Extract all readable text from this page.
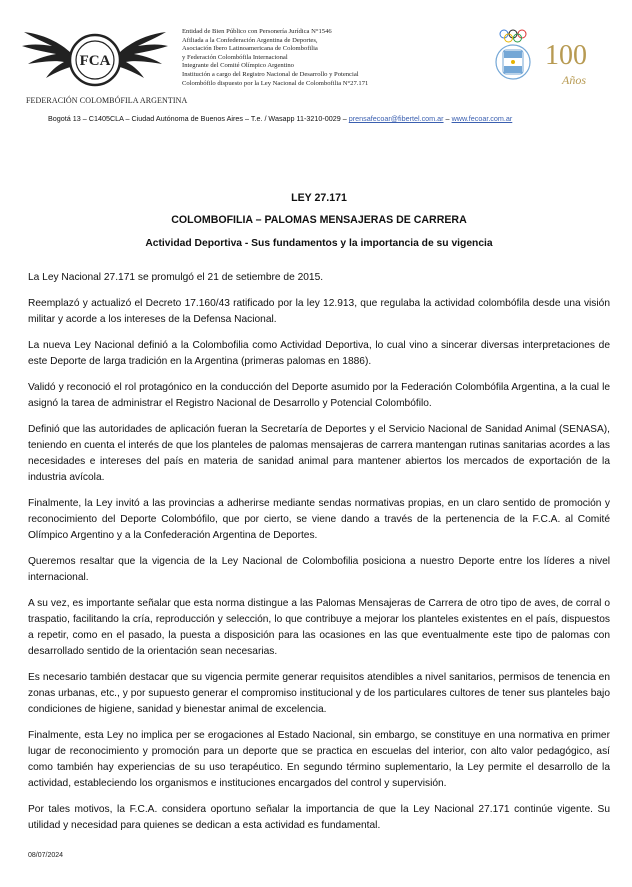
FCA
FEDERACIÓN COLOMBÓFILA ARGENTINA
Entidad de Bien Público con Personería Jurídica N°1546
Afiliada a la Confederación Argentina de Deportes,
Asociación Ibero Latinoamericana de Colombofilia
y Federación Colombófila Internacional
Integrante del Comité Olímpico Argentino
Institución a cargo del Registro Nacional de Desarrollo y Potencial
Colombófilo dispuesto por la Ley Nacional de Colombofilia N°27.171
100
Años
Bogotá 13 – C1405CLA – Ciudad Autónoma de Buenos Aires – T.e. / Wasapp 11-3210-0029 – prensafecoar@fibertel.com.ar – www.fecoar.com.ar

LEY 27.171

COLOMBOFILIA – PALOMAS MENSAJERAS DE CARRERA

Actividad Deportiva - Sus fundamentos y la importancia de su vigencia

La Ley Nacional 27.171 se promulgó el 21 de setiembre de 2015.

Reemplazó y actualizó el Decreto 17.160/43 ratificado por la ley 12.913, que regulaba la actividad colombófila desde una visión militar y acorde a los intereses de la Defensa Nacional.

La nueva Ley Nacional definió a la Colombofilia como Actividad Deportiva, lo cual vino a sincerar diversas interpretaciones de este Deporte de larga tradición en la Argentina (primeras palomas en 1886).

Validó y reconoció el rol protagónico en la conducción del Deporte asumido por la Federación Colombófila Argentina, a la cual le asignó la tarea de administrar el Registro Nacional de Desarrollo y Potencial Colombófilo.

Definió que las autoridades de aplicación fueran la Secretaría de Deportes y el Servicio Nacional de Sanidad Animal (SENASA), teniendo en cuenta el interés de que los planteles de palomas mensajeras de carrera mantengan rutinas sanitarias acordes a las necesidades e intereses del país en materia de sanidad animal para mantener abiertos los mercados de exportación de la industria avícola.

Finalmente, la Ley invitó a las provincias a adherirse mediante sendas normativas propias, en un claro sentido de promoción y reconocimiento del Deporte Colombófilo, que por cierto, se viene dando a través de la pertenencia de la F.C.A. al Comité Olímpico Argentino y a la Confederación Argentina de Deportes.

Queremos resaltar que la vigencia de la Ley Nacional de Colombofilia posiciona a nuestro Deporte entre los líderes a nivel internacional.

A su vez, es importante señalar que esta norma distingue a las Palomas Mensajeras de Carrera de otro tipo de aves, de corral o traspatio, facilitando la cría, reproducción y selección, lo que contribuye a mejorar los planteles existentes en el país, dispuestos a repetir, como en el pasado, la puesta a disposición para las ocasiones en las que eventualmente este tipo de palomas con desarrollado sentido de la orientación sean necesarias.

Es necesario también destacar que su vigencia permite generar requisitos atendibles a nivel sanitarios, permisos de tenencia en zonas urbanas, etc., y por supuesto generar el compromiso institucional y de los particulares cultores de tener sus planteles bajo condiciones de higiene, sanidad y bienestar animal de excelencia.

Finalmente, esta Ley no implica per se erogaciones al Estado Nacional, sin embargo, se constituye en una normativa en primer lugar de reconocimiento y promoción para un deporte que se practica en escuelas del interior, con alto valor pedagógico, así como también hay experiencias de su uso terapéutico. En segundo término suplementario, la Ley permite el desarrollo de la actividad, estableciendo los organismos e instituciones encargados del control y supervisión.

Por tales motivos, la F.C.A. considera oportuno señalar la importancia de que la Ley Nacional 27.171 continúe vigente. Su utilidad y necesidad para quienes se dedican a esta actividad es fundamental.

08/07/2024
